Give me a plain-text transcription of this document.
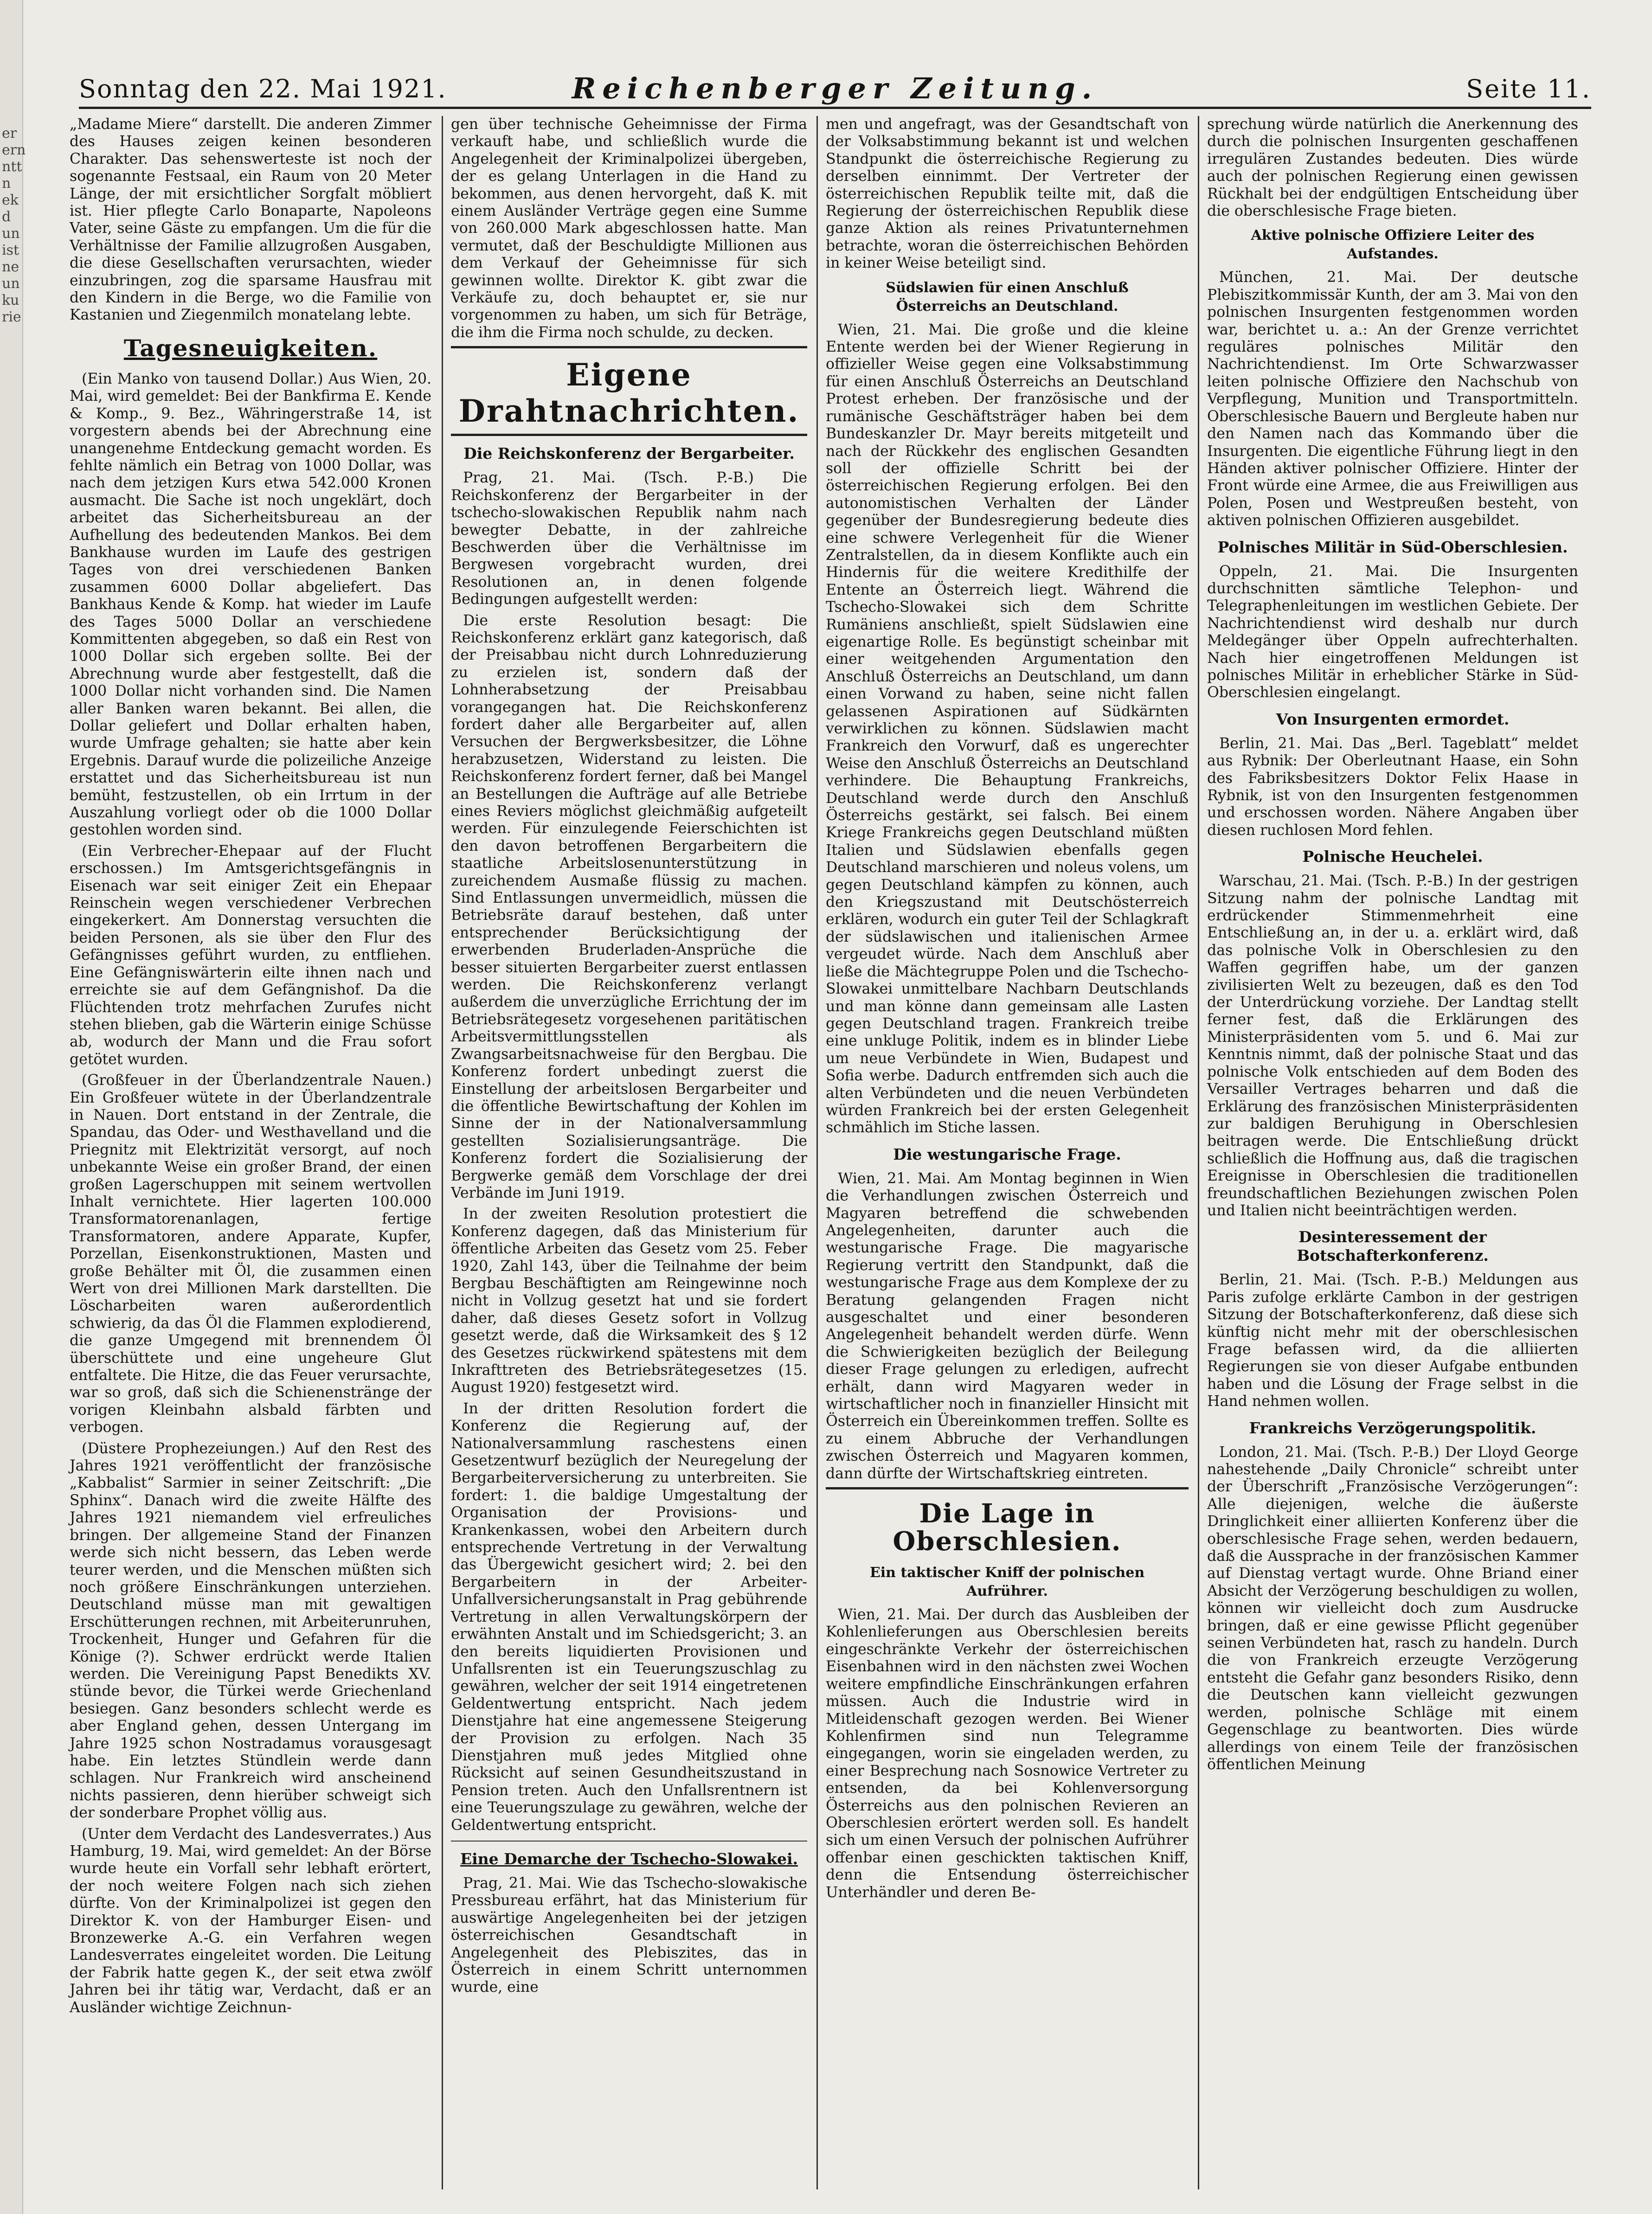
er ern ntt n ek d un ist ne un ku rie
Sonntag den 22. Mai 1921.	Reichenberger Zeitung.	Seite 11.

„Madame Miere“ darstellt. Die anderen Zimmer des Hauses zeigen keinen besonderen Charakter. Das sehenswerteste ist noch der sogenannte Festsaal, ein Raum von 20 Meter Länge, der mit ersichtlicher Sorgfalt möbliert ist. Hier pflegte Carlo Bonaparte, Napoleons Vater, seine Gäste zu empfangen. Um die für die Verhältnisse der Familie allzugroßen Ausgaben, die diese Gesellschaften verursachten, wieder einzubringen, zog die sparsame Hausfrau mit den Kindern in die Berge, wo die Familie von Kastanien und Ziegenmilch monatelang lebte.

Tagesneuigkeiten.

(Ein Manko von tausend Dollar.) Aus Wien, 20. Mai, wird gemeldet: Bei der Bankfirma E. Kende & Komp., 9. Bez., Währingerstraße 14, ist vorgestern abends bei der Abrechnung eine unangenehme Entdeckung gemacht worden. Es fehlte nämlich ein Betrag von 1000 Dollar, was nach dem jetzigen Kurs etwa 542.000 Kronen ausmacht. Die Sache ist noch ungeklärt, doch arbeitet das Sicherheitsbureau an der Aufhellung des bedeutenden Mankos. Bei dem Bankhause wurden im Laufe des gestrigen Tages von drei verschiedenen Banken zusammen 6000 Dollar abgeliefert. Das Bankhaus Kende & Komp. hat wieder im Laufe des Tages 5000 Dollar an verschiedene Kommittenten abgegeben, so daß ein Rest von 1000 Dollar sich ergeben sollte. Bei der Abrechnung wurde aber festgestellt, daß die 1000 Dollar nicht vorhanden sind. Die Namen aller Banken waren bekannt. Bei allen, die Dollar geliefert und Dollar erhalten haben, wurde Umfrage gehalten; sie hatte aber kein Ergebnis. Darauf wurde die polizeiliche Anzeige erstattet und das Sicherheitsbureau ist nun bemüht, festzustellen, ob ein Irrtum in der Auszahlung vorliegt oder ob die 1000 Dollar gestohlen worden sind.

(Ein Verbrecher-Ehepaar auf der Flucht erschossen.) Im Amtsgerichtsgefängnis in Eisenach war seit einiger Zeit ein Ehepaar Reinschein wegen verschiedener Verbrechen eingekerkert. Am Donnerstag versuchten die beiden Personen, als sie über den Flur des Gefängnisses geführt wurden, zu entfliehen. Eine Gefängniswärterin eilte ihnen nach und erreichte sie auf dem Gefängnishof. Da die Flüchtenden trotz mehrfachen Zurufes nicht stehen blieben, gab die Wärterin einige Schüsse ab, wodurch der Mann und die Frau sofort getötet wurden.

(Großfeuer in der Überlandzentrale Nauen.) Ein Großfeuer wütete in der Überlandzentrale in Nauen. Dort entstand in der Zentrale, die Spandau, das Oder- und Westhavelland und die Priegnitz mit Elektrizität versorgt, auf noch unbekannte Weise ein großer Brand, der einen großen Lagerschuppen mit seinem wertvollen Inhalt vernichtete. Hier lagerten 100.000 Transformatorenanlagen, fertige Transformatoren, andere Apparate, Kupfer, Porzellan, Eisenkonstruktionen, Masten und große Behälter mit Öl, die zusammen einen Wert von drei Millionen Mark darstellten. Die Löscharbeiten waren außerordentlich schwierig, da das Öl die Flammen explodierend, die ganze Umgegend mit brennendem Öl überschüttete und eine ungeheure Glut entfaltete. Die Hitze, die das Feuer verursachte, war so groß, daß sich die Schienenstränge der vorigen Kleinbahn alsbald färbten und verbogen.

(Düstere Prophezeiungen.) Auf den Rest des Jahres 1921 veröffentlicht der französische „Kabbalist“ Sarmier in seiner Zeitschrift: „Die Sphinx“. Danach wird die zweite Hälfte des Jahres 1921 niemandem viel erfreuliches bringen. Der allgemeine Stand der Finanzen werde sich nicht bessern, das Leben werde teurer werden, und die Menschen müßten sich noch größere Einschränkungen unterziehen. Deutschland müsse man mit gewaltigen Erschütterungen rechnen, mit Arbeiterunruhen, Trockenheit, Hunger und Gefahren für die Könige (?). Schwer erdrückt werde Italien werden. Die Vereinigung Papst Benedikts XV. stünde bevor, die Türkei werde Griechenland besiegen. Ganz besonders schlecht werde es aber England gehen, dessen Untergang im Jahre 1925 schon Nostradamus vorausgesagt habe. Ein letztes Stündlein werde dann schlagen. Nur Frankreich wird anscheinend nichts passieren, denn hierüber schweigt sich der sonderbare Prophet völlig aus.

(Unter dem Verdacht des Landesverrates.) Aus Hamburg, 19. Mai, wird gemeldet: An der Börse wurde heute ein Vorfall sehr lebhaft erörtert, der noch weitere Folgen nach sich ziehen dürfte. Von der Kriminalpolizei ist gegen den Direktor K. von der Hamburger Eisen- und Bronzewerke A.-G. ein Verfahren wegen Landesverrates eingeleitet worden. Die Leitung der Fabrik hatte gegen K., der seit etwa zwölf Jahren bei ihr tätig war, Verdacht, daß er an Ausländer wichtige Zeichnun-

gen über technische Geheimnisse der Firma verkauft habe, und schließlich wurde die Angelegenheit der Kriminalpolizei übergeben, der es gelang Unterlagen in die Hand zu bekommen, aus denen hervorgeht, daß K. mit einem Ausländer Verträge gegen eine Summe von 260.000 Mark abgeschlossen hatte. Man vermutet, daß der Beschuldigte Millionen aus dem Verkauf der Geheimnisse für sich gewinnen wollte. Direktor K. gibt zwar die Verkäufe zu, doch behauptet er, sie nur vorgenommen zu haben, um sich für Beträge, die ihm die Firma noch schulde, zu decken.

Eigene Drahtnachrichten.
Die Reichskonferenz der Bergarbeiter.

Prag, 21. Mai. (Tsch. P.-B.) Die Reichskonferenz der Bergarbeiter in der tschecho-slowakischen Republik nahm nach bewegter Debatte, in der zahlreiche Beschwerden über die Verhältnisse im Bergwesen vorgebracht wurden, drei Resolutionen an, in denen folgende Bedingungen aufgestellt werden:

Die erste Resolution besagt: Die Reichskonferenz erklärt ganz kategorisch, daß der Preisabbau nicht durch Lohnreduzierung zu erzielen ist, sondern daß der Lohnherabsetzung der Preisabbau vorangegangen hat. Die Reichskonferenz fordert daher alle Bergarbeiter auf, allen Versuchen der Bergwerksbesitzer, die Löhne herabzusetzen, Widerstand zu leisten. Die Reichskonferenz fordert ferner, daß bei Mangel an Bestellungen die Aufträge auf alle Betriebe eines Reviers möglichst gleichmäßig aufgeteilt werden. Für einzulegende Feierschichten ist den davon betroffenen Bergarbeitern die staatliche Arbeitslosenunterstützung in zureichendem Ausmaße flüssig zu machen. Sind Entlassungen unvermeidlich, müssen die Betriebsräte darauf bestehen, daß unter entsprechender Berücksichtigung der erwerbenden Bruderladen-Ansprüche die besser situierten Bergarbeiter zuerst entlassen werden. Die Reichskonferenz verlangt außerdem die unverzügliche Errichtung der im Betriebsrätegesetz vorgesehenen paritätischen Arbeitsvermittlungsstellen als Zwangsarbeitsnachweise für den Bergbau. Die Konferenz fordert unbedingt zuerst die Einstellung der arbeitslosen Bergarbeiter und die öffentliche Bewirtschaftung der Kohlen im Sinne der in der Nationalversammlung gestellten Sozialisierungsanträge. Die Konferenz fordert die Sozialisierung der Bergwerke gemäß dem Vorschlage der drei Verbände im Juni 1919.

In der zweiten Resolution protestiert die Konferenz dagegen, daß das Ministerium für öffentliche Arbeiten das Gesetz vom 25. Feber 1920, Zahl 143, über die Teilnahme der beim Bergbau Beschäftigten am Reingewinne noch nicht in Vollzug gesetzt hat und sie fordert daher, daß dieses Gesetz sofort in Vollzug gesetzt werde, daß die Wirksamkeit des § 12 des Gesetzes rückwirkend spätestens mit dem Inkrafttreten des Betriebsrätegesetzes (15. August 1920) festgesetzt wird.

In der dritten Resolution fordert die Konferenz die Regierung auf, der Nationalversammlung raschestens einen Gesetzentwurf bezüglich der Neuregelung der Bergarbeiterversicherung zu unterbreiten. Sie fordert: 1. die baldige Umgestaltung der Organisation der Provisions- und Krankenkassen, wobei den Arbeitern durch entsprechende Vertretung in der Verwaltung das Übergewicht gesichert wird; 2. bei den Bergarbeitern in der Arbeiter-Unfallversicherungsanstalt in Prag gebührende Vertretung in allen Verwaltungskörpern der erwähnten Anstalt und im Schiedsgericht; 3. an den bereits liquidierten Provisionen und Unfallsrenten ist ein Teuerungszuschlag zu gewähren, welcher der seit 1914 eingetretenen Geldentwertung entspricht. Nach jedem Dienstjahre hat eine angemessene Steigerung der Provision zu erfolgen. Nach 35 Dienstjahren muß jedes Mitglied ohne Rücksicht auf seinen Gesundheitszustand in Pension treten. Auch den Unfallsrentnern ist eine Teuerungszulage zu gewähren, welche der Geldentwertung entspricht.

Eine Demarche der Tschecho-Slowakei.

Prag, 21. Mai. Wie das Tschecho-slowakische Pressbureau erfährt, hat das Ministerium für auswärtige Angelegenheiten bei der jetzigen österreichischen Gesandtschaft in Angelegenheit des Plebiszites, das in Österreich in einem Schritt unternommen wurde, eine

men und angefragt, was der Gesandtschaft von der Volksabstimmung bekannt ist und welchen Standpunkt die österreichische Regierung zu derselben einnimmt. Der Vertreter der österreichischen Republik teilte mit, daß die Regierung der österreichischen Republik diese ganze Aktion als reines Privatunternehmen betrachte, woran die österreichischen Behörden in keiner Weise beteiligt sind.

Südslawien für einen Anschluß Österreichs an Deutschland.

Wien, 21. Mai. Die große und die kleine Entente werden bei der Wiener Regierung in offizieller Weise gegen eine Volksabstimmung für einen Anschluß Österreichs an Deutschland Protest erheben. Der französische und der rumänische Geschäftsträger haben bei dem Bundeskanzler Dr. Mayr bereits mitgeteilt und nach der Rückkehr des englischen Gesandten soll der offizielle Schritt bei der österreichischen Regierung erfolgen. Bei den autonomistischen Verhalten der Länder gegenüber der Bundesregierung bedeute dies eine schwere Verlegenheit für die Wiener Zentralstellen, da in diesem Konflikte auch ein Hindernis für die weitere Kredithilfe der Entente an Österreich liegt. Während die Tschecho-Slowakei sich dem Schritte Rumäniens anschließt, spielt Südslawien eine eigenartige Rolle. Es begünstigt scheinbar mit einer weitgehenden Argumentation den Anschluß Österreichs an Deutschland, um dann einen Vorwand zu haben, seine nicht fallen gelassenen Aspirationen auf Südkärnten verwirklichen zu können. Südslawien macht Frankreich den Vorwurf, daß es ungerechter Weise den Anschluß Österreichs an Deutschland verhindere. Die Behauptung Frankreichs, Deutschland werde durch den Anschluß Österreichs gestärkt, sei falsch. Bei einem Kriege Frankreichs gegen Deutschland müßten Italien und Südslawien ebenfalls gegen Deutschland marschieren und noleus volens, um gegen Deutschland kämpfen zu können, auch den Kriegszustand mit Deutschösterreich erklären, wodurch ein guter Teil der Schlagkraft der südslawischen und italienischen Armee vergeudet würde. Nach dem Anschluß aber ließe die Mächtegruppe Polen und die Tschecho-Slowakei unmittelbare Nachbarn Deutschlands und man könne dann gemeinsam alle Lasten gegen Deutschland tragen. Frankreich treibe eine unkluge Politik, indem es in blinder Liebe um neue Verbündete in Wien, Budapest und Sofia werbe. Dadurch entfremden sich auch die alten Verbündeten und die neuen Verbündeten würden Frankreich bei der ersten Gelegenheit schmählich im Stiche lassen.

Die westungarische Frage.

Wien, 21. Mai. Am Montag beginnen in Wien die Verhandlungen zwischen Österreich und Magyaren betreffend die schwebenden Angelegenheiten, darunter auch die westungarische Frage. Die magyarische Regierung vertritt den Standpunkt, daß die westungarische Frage aus dem Komplexe der zu Beratung gelangenden Fragen nicht ausgeschaltet und einer besonderen Angelegenheit behandelt werden dürfe. Wenn die Schwierigkeiten bezüglich der Beilegung dieser Frage gelungen zu erledigen, aufrecht erhält, dann wird Magyaren weder in wirtschaftlicher noch in finanzieller Hinsicht mit Österreich ein Übereinkommen treffen. Sollte es zu einem Abbruche der Verhandlungen zwischen Österreich und Magyaren kommen, dann dürfte der Wirtschaftskrieg eintreten.

Die Lage in Oberschlesien.
Ein taktischer Kniff der polnischen Aufrührer.

Wien, 21. Mai. Der durch das Ausbleiben der Kohlenlieferungen aus Oberschlesien bereits eingeschränkte Verkehr der österreichischen Eisenbahnen wird in den nächsten zwei Wochen weitere empfindliche Einschränkungen erfahren müssen. Auch die Industrie wird in Mitleidenschaft gezogen werden. Bei Wiener Kohlenfirmen sind nun Telegramme eingegangen, worin sie eingeladen werden, zu einer Besprechung nach Sosnowice Vertreter zu entsenden, da bei Kohlenversorgung Österreichs aus den polnischen Revieren an Oberschlesien erörtert werden soll. Es handelt sich um einen Versuch der polnischen Aufrührer offenbar einen geschickten taktischen Kniff, denn die Entsendung österreichischer Unterhändler und deren Be-

sprechung würde natürlich die Anerkennung des durch die polnischen Insurgenten geschaffenen irregulären Zustandes bedeuten. Dies würde auch der polnischen Regierung einen gewissen Rückhalt bei der endgültigen Entscheidung über die oberschlesische Frage bieten.

Aktive polnische Offiziere Leiter des Aufstandes.

München, 21. Mai. Der deutsche Plebiszitkommissär Kunth, der am 3. Mai von den polnischen Insurgenten festgenommen worden war, berichtet u. a.: An der Grenze verrichtet reguläres polnisches Militär den Nachrichtendienst. Im Orte Schwarzwasser leiten polnische Offiziere den Nachschub von Verpflegung, Munition und Transportmitteln. Oberschlesische Bauern und Bergleute haben nur den Namen nach das Kommando über die Insurgenten. Die eigentliche Führung liegt in den Händen aktiver polnischer Offiziere. Hinter der Front würde eine Armee, die aus Freiwilligen aus Polen, Posen und Westpreußen besteht, von aktiven polnischen Offizieren ausgebildet.

Polnisches Militär in Süd-Oberschlesien.

Oppeln, 21. Mai. Die Insurgenten durchschnitten sämtliche Telephon- und Telegraphenleitungen im westlichen Gebiete. Der Nachrichtendienst wird deshalb nur durch Meldegänger über Oppeln aufrechterhalten. Nach hier eingetroffenen Meldungen ist polnisches Militär in erheblicher Stärke in Süd-Oberschlesien eingelangt.

Von Insurgenten ermordet.

Berlin, 21. Mai. Das „Berl. Tageblatt“ meldet aus Rybnik: Der Oberleutnant Haase, ein Sohn des Fabriksbesitzers Doktor Felix Haase in Rybnik, ist von den Insurgenten festgenommen und erschossen worden. Nähere Angaben über diesen ruchlosen Mord fehlen.

Polnische Heuchelei.

Warschau, 21. Mai. (Tsch. P.-B.) In der gestrigen Sitzung nahm der polnische Landtag mit erdrückender Stimmenmehrheit eine Entschließung an, in der u. a. erklärt wird, daß das polnische Volk in Oberschlesien zu den Waffen gegriffen habe, um der ganzen zivilisierten Welt zu bezeugen, daß es den Tod der Unterdrückung vorziehe. Der Landtag stellt ferner fest, daß die Erklärungen des Ministerpräsidenten vom 5. und 6. Mai zur Kenntnis nimmt, daß der polnische Staat und das polnische Volk entschieden auf dem Boden des Versailler Vertrages beharren und daß die Erklärung des französischen Ministerpräsidenten zur baldigen Beruhigung in Oberschlesien beitragen werde. Die Entschließung drückt schließlich die Hoffnung aus, daß die tragischen Ereignisse in Oberschlesien die traditionellen freundschaftlichen Beziehungen zwischen Polen und Italien nicht beeinträchtigen werden.

Desinteressement der Botschafterkonferenz.

Berlin, 21. Mai. (Tsch. P.-B.) Meldungen aus Paris zufolge erklärte Cambon in der gestrigen Sitzung der Botschafterkonferenz, daß diese sich künftig nicht mehr mit der oberschlesischen Frage befassen wird, da die alliierten Regierungen sie von dieser Aufgabe entbunden haben und die Lösung der Frage selbst in die Hand nehmen wollen.

Frankreichs Verzögerungspolitik.

London, 21. Mai. (Tsch. P.-B.) Der Lloyd George nahestehende „Daily Chronicle“ schreibt unter der Überschrift „Französische Verzögerungen“: Alle diejenigen, welche die äußerste Dringlichkeit einer alliierten Konferenz über die oberschlesische Frage sehen, werden bedauern, daß die Aussprache in der französischen Kammer auf Dienstag vertagt wurde. Ohne Briand einer Absicht der Verzögerung beschuldigen zu wollen, können wir vielleicht doch zum Ausdrucke bringen, daß er eine gewisse Pflicht gegenüber seinen Verbündeten hat, rasch zu handeln. Durch die von Frankreich erzeugte Verzögerung entsteht die Gefahr ganz besonders Risiko, denn die Deutschen kann vielleicht gezwungen werden, polnische Schläge mit einem Gegenschlage zu beantworten. Dies würde allerdings von einem Teile der französischen öffentlichen Meinung
